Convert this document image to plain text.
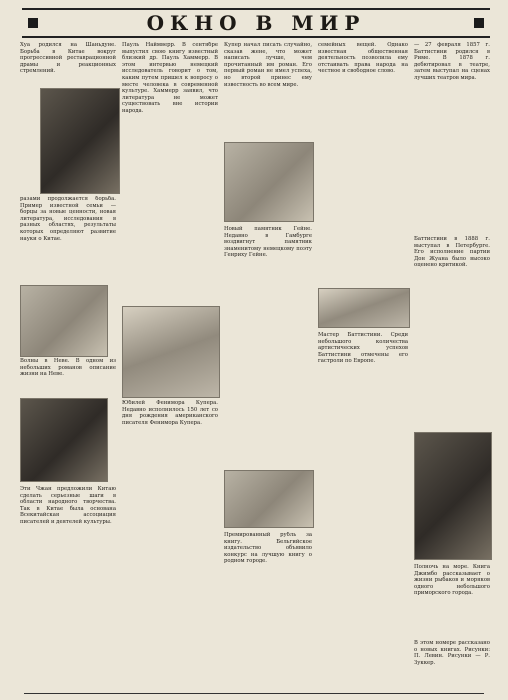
ОКНО В МИР
Хуа родился на Шаньдуне. Борьба в Китае вокруг прогрессивной реставрационной драмы и реакционных стремлений.
разами продолжается борьба. Пример известной семьи — борцы за новые ценности, новая литература, исследования в разных областях, результаты которых определяют развитие науки о Китае.
Волны в Неве. В одном из небольших романов описание жизни на Неве.
Эти Чжан предложили Китаю сделать серьезные шаги в области народного творчества. Так в Китае была основана Всекитайская ассоциация писателей и деятелей культуры.
Пауль Наймверр. В сентябре выпустил свою книгу известный близкий др. Пауль Хаммерр. В этом интервью немецкий исследователь говорит о том, каким путем пришел к вопросу о месте человека в современной культуре. Хаммерр заявил, что литература не может существовать вне истории народа.
Юбилей Фенимора Купера. Недавно исполнилось 150 лет со дня рождения американского писателя Фенимора Купера.
Купер начал писать случайно, сказав жене, что может написать лучше, чем прочитанный им роман. Его первый роман не имел успеха, но второй принес ему известность во всем мире.
Новый памятник Гейне. Недавно в Гамбурге воздвигнут памятник знаменитому немецкому поэту Генриху Гейне.
Премированный рубль за книгу. Бельгийское издательство объявило конкурс на лучшую книгу о родном городе.
семейных вещей. Однако известная общественная деятельность позволила ему отстаивать права народа на честное и свободное слово.
Мастер Баттистини. Среди небольшого количества артистических успехов Баттистини отмечены его гастроли по Европе.
— 27 февраля 1857 г. Баттистини родился в Риме. В 1878 г. дебютировал в театре, затем выступал на сценах лучших театров мира.
Баттистини в 1888 г. выступал в Петербурге. Его исполнение партии Дон Жуана было высоко оценено критикой.
Полночь на море. Книга Джимбо рассказывает о жизни рыбаков и моряков одного небольшого приморского города.
В этом номере рассказано о новых книгах. Рисунки: П. Левин. Рисунки — Р. Зуккер.
